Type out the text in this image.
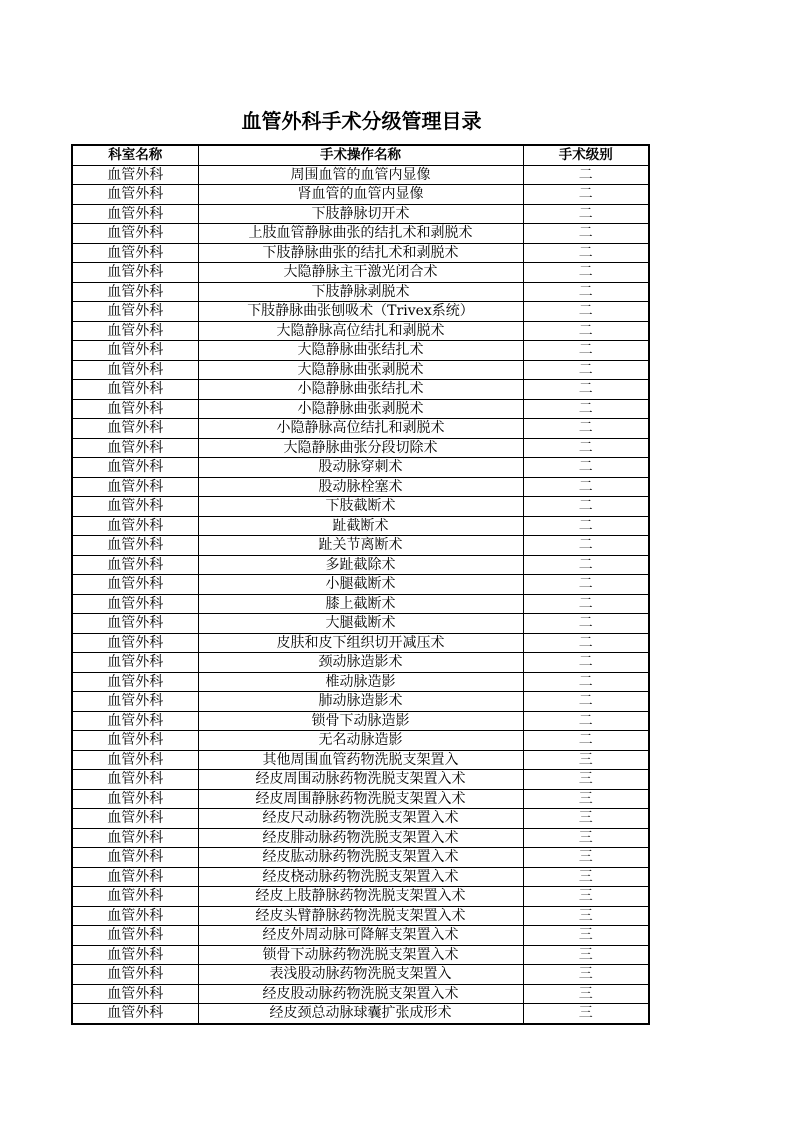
血管外科手术分级管理目录
科室名称	手术操作名称	手术级别
血管外科	周围血管的血管内显像	二
血管外科	肾血管的血管内显像	二
血管外科	下肢静脉切开术	二
血管外科	上肢血管静脉曲张的结扎术和剥脱术	二
血管外科	下肢静脉曲张的结扎术和剥脱术	二
血管外科	大隐静脉主干激光闭合术	二
血管外科	下肢静脉剥脱术	二
血管外科	下肢静脉曲张刨吸术（Trivex系统）	二
血管外科	大隐静脉高位结扎和剥脱术	二
血管外科	大隐静脉曲张结扎术	二
血管外科	大隐静脉曲张剥脱术	二
血管外科	小隐静脉曲张结扎术	二
血管外科	小隐静脉曲张剥脱术	二
血管外科	小隐静脉高位结扎和剥脱术	二
血管外科	大隐静脉曲张分段切除术	二
血管外科	股动脉穿刺术	二
血管外科	股动脉栓塞术	二
血管外科	下肢截断术	二
血管外科	趾截断术	二
血管外科	趾关节离断术	二
血管外科	多趾截除术	二
血管外科	小腿截断术	二
血管外科	膝上截断术	二
血管外科	大腿截断术	二
血管外科	皮肤和皮下组织切开减压术	二
血管外科	颈动脉造影术	二
血管外科	椎动脉造影	二
血管外科	肺动脉造影术	二
血管外科	锁骨下动脉造影	二
血管外科	无名动脉造影	二
血管外科	其他周围血管药物洗脱支架置入	三
血管外科	经皮周围动脉药物洗脱支架置入术	三
血管外科	经皮周围静脉药物洗脱支架置入术	三
血管外科	经皮尺动脉药物洗脱支架置入术	三
血管外科	经皮腓动脉药物洗脱支架置入术	三
血管外科	经皮肱动脉药物洗脱支架置入术	三
血管外科	经皮桡动脉药物洗脱支架置入术	三
血管外科	经皮上肢静脉药物洗脱支架置入术	三
血管外科	经皮头臂静脉药物洗脱支架置入术	三
血管外科	经皮外周动脉可降解支架置入术	三
血管外科	锁骨下动脉药物洗脱支架置入术	三
血管外科	表浅股动脉药物洗脱支架置入	三
血管外科	经皮股动脉药物洗脱支架置入术	三
血管外科	经皮颈总动脉球囊扩张成形术	三
